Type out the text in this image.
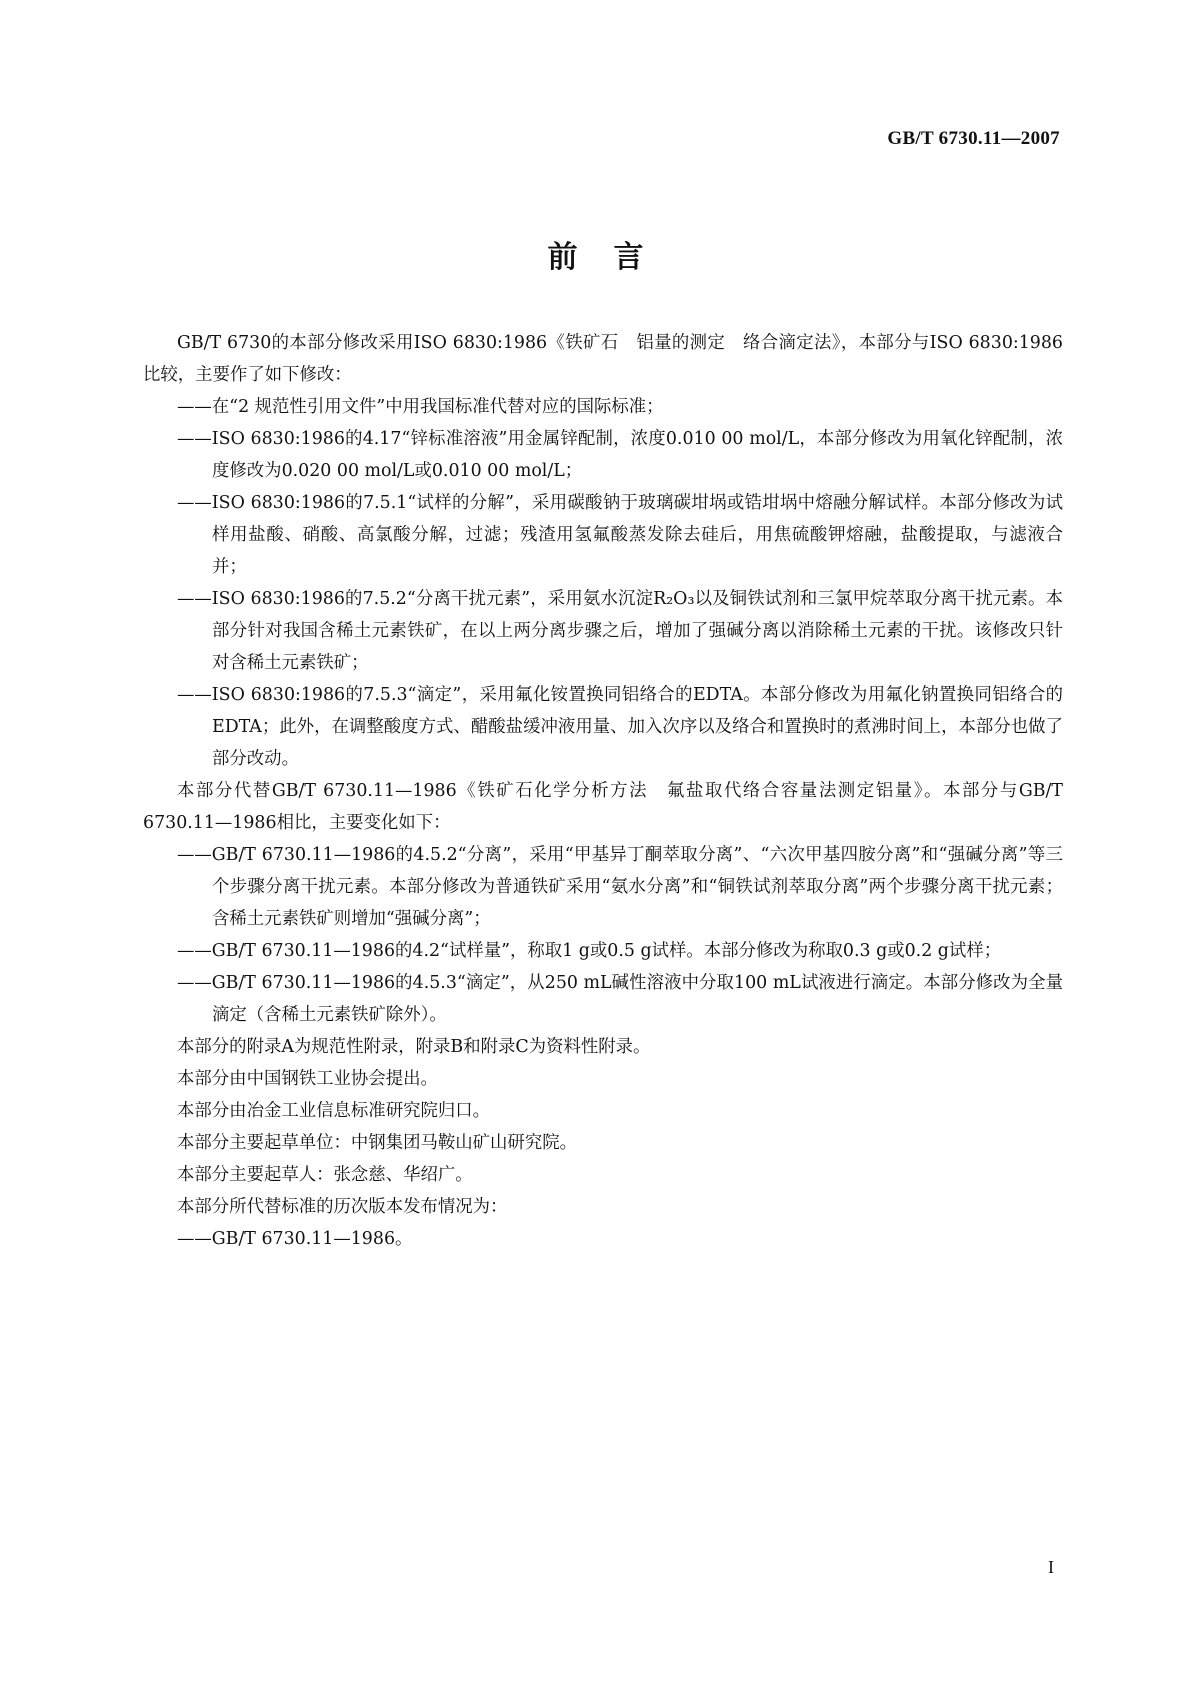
GB/T 6730.11—2007
前言

GB/T 6730的本部分修改采用ISO 6830:1986《铁矿石　铝量的测定　络合滴定法》，本部分与ISO 6830:1986比较，主要作了如下修改：

——在“2 规范性引用文件”中用我国标准代替对应的国际标准；

——ISO 6830:1986的4.17“锌标准溶液”用金属锌配制，浓度0.010 00 mol/L，本部分修改为用氧化锌配制，浓度修改为0.020 00 mol/L或0.010 00 mol/L；

——ISO 6830:1986的7.5.1“试样的分解”，采用碳酸钠于玻璃碳坩埚或锆坩埚中熔融分解试样。本部分修改为试样用盐酸、硝酸、高氯酸分解，过滤；残渣用氢氟酸蒸发除去硅后，用焦硫酸钾熔融，盐酸提取，与滤液合并；

——ISO 6830:1986的7.5.2“分离干扰元素”，采用氨水沉淀R₂O₃以及铜铁试剂和三氯甲烷萃取分离干扰元素。本部分针对我国含稀土元素铁矿，在以上两分离步骤之后，增加了强碱分离以消除稀土元素的干扰。该修改只针对含稀土元素铁矿；

——ISO 6830:1986的7.5.3“滴定”，采用氟化铵置换同铝络合的EDTA。本部分修改为用氟化钠置换同铝络合的EDTA；此外，在调整酸度方式、醋酸盐缓冲液用量、加入次序以及络合和置换时的煮沸时间上，本部分也做了部分改动。

本部分代替GB/T 6730.11—1986《铁矿石化学分析方法　氟盐取代络合容量法测定铝量》。本部分与GB/T 6730.11—1986相比，主要变化如下：

——GB/T 6730.11—1986的4.5.2“分离”，采用“甲基异丁酮萃取分离”、“六次甲基四胺分离”和“强碱分离”等三个步骤分离干扰元素。本部分修改为普通铁矿采用“氨水分离”和“铜铁试剂萃取分离”两个步骤分离干扰元素；含稀土元素铁矿则增加“强碱分离”；

——GB/T 6730.11—1986的4.2“试样量”，称取1 g或0.5 g试样。本部分修改为称取0.3 g或0.2 g试样；

——GB/T 6730.11—1986的4.5.3“滴定”，从250 mL碱性溶液中分取100 mL试液进行滴定。本部分修改为全量滴定（含稀土元素铁矿除外）。

本部分的附录A为规范性附录，附录B和附录C为资料性附录。

本部分由中国钢铁工业协会提出。

本部分由冶金工业信息标准研究院归口。

本部分主要起草单位：中钢集团马鞍山矿山研究院。

本部分主要起草人：张念慈、华绍广。

本部分所代替标准的历次版本发布情况为：

——GB/T 6730.11—1986。

I
